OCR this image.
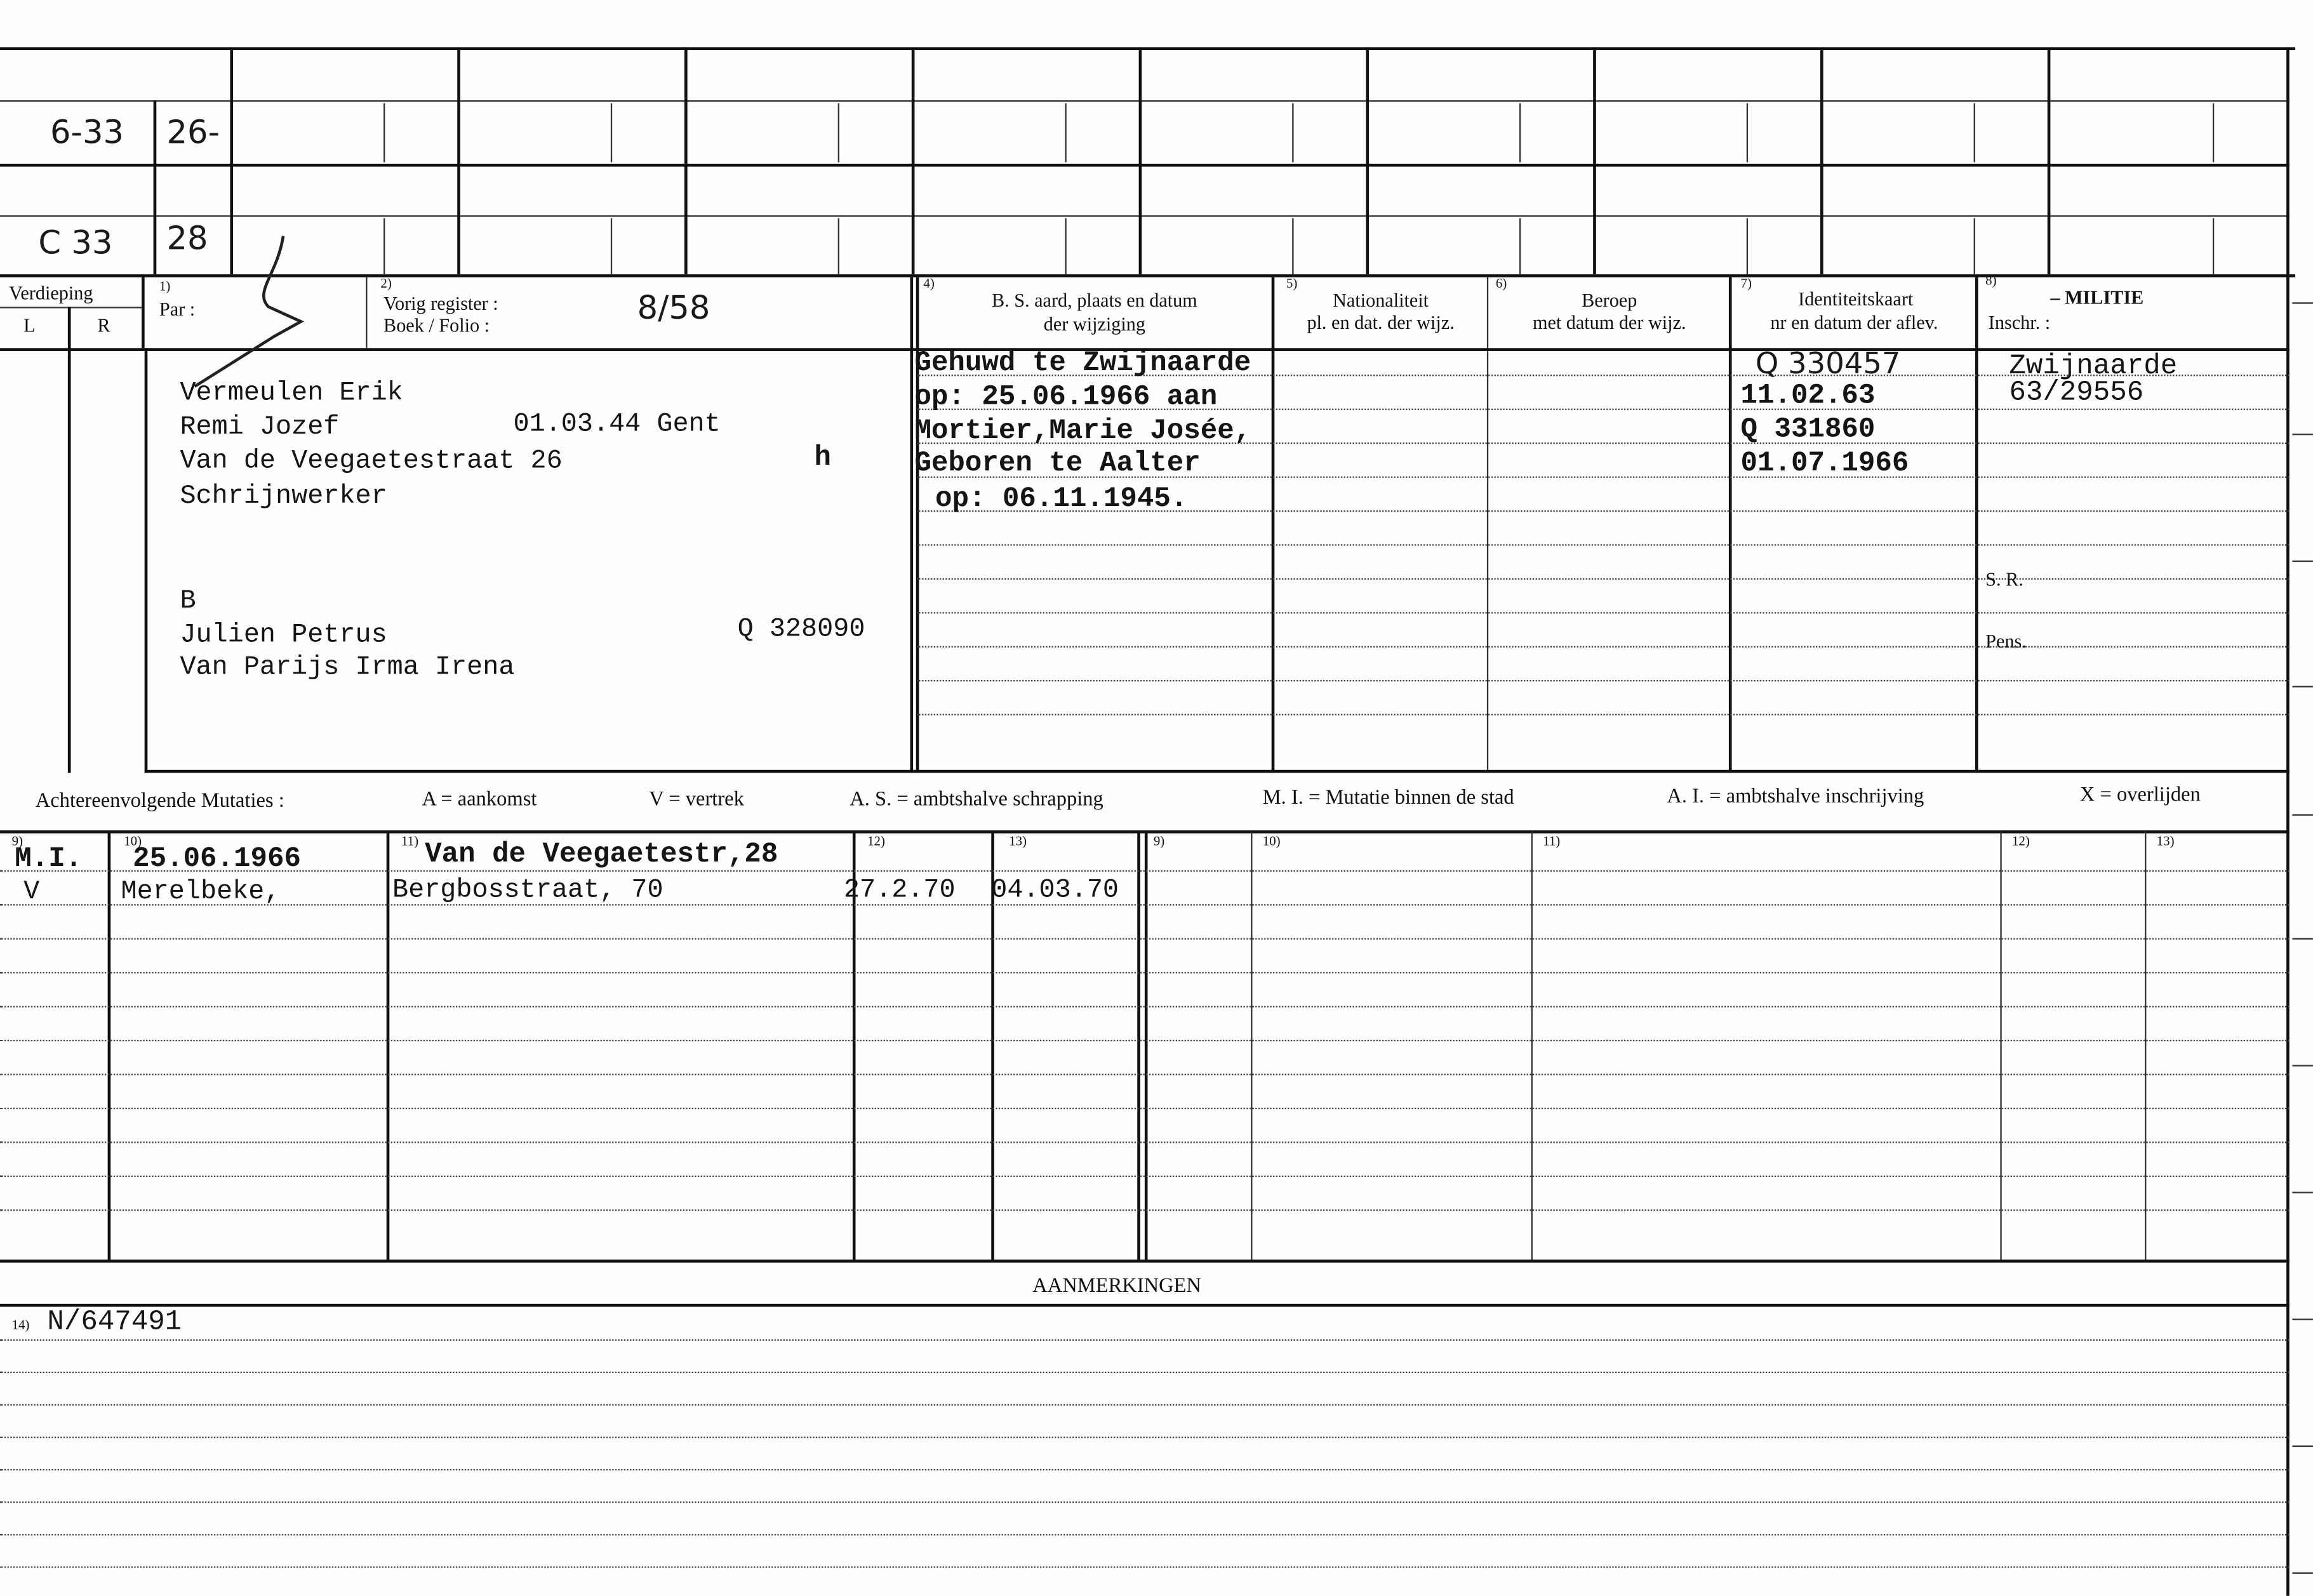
6-33	26-
C 33	28
Verdieping
L	R
1)
Par :
2)
Vorig register :
Boek / Folio :	8/58
4)
B. S. aard, plaats en datum
der wijziging
5)
Nationaliteit
pl. en dat. der wijz.
6)
Beroep
met datum der wijz.
7)
Identiteitskaart
nr en datum der aflev.
8)
– MILITIE
Inschr. :
Vermeulen Erik
Remi Jozef	01.03.44 Gent
Van de Veegaetestraat 26	h
Schrijnwerker
B
Julien Petrus	Q 328090
Van Parijs Irma Irena
Gehuwd te Zwijnaarde
op: 25.06.1966 aan
Mortier,Marie Josée,
Geboren te Aalter
op: 06.11.1945.
Q 330457
11.02.63
Q 331860
01.07.1966
Zwijnaarde
63/29556
S. R.
Pens.
Achtereenvolgende Mutaties :	A = aankomst	V = vertrek	A. S. = ambtshalve schrapping	M. I. = Mutatie binnen de stad	A. I. = ambtshalve inschrijving	X = overlijden
9)	10)	11)	12)	13)	9)	10)	11)	12)	13)
M.I.	25.06.1966	Van de Veegaetestr,28
V	Merelbeke,	Bergbosstraat, 70	27.2.70	04.03.70
AANMERKINGEN
14) N/647491
